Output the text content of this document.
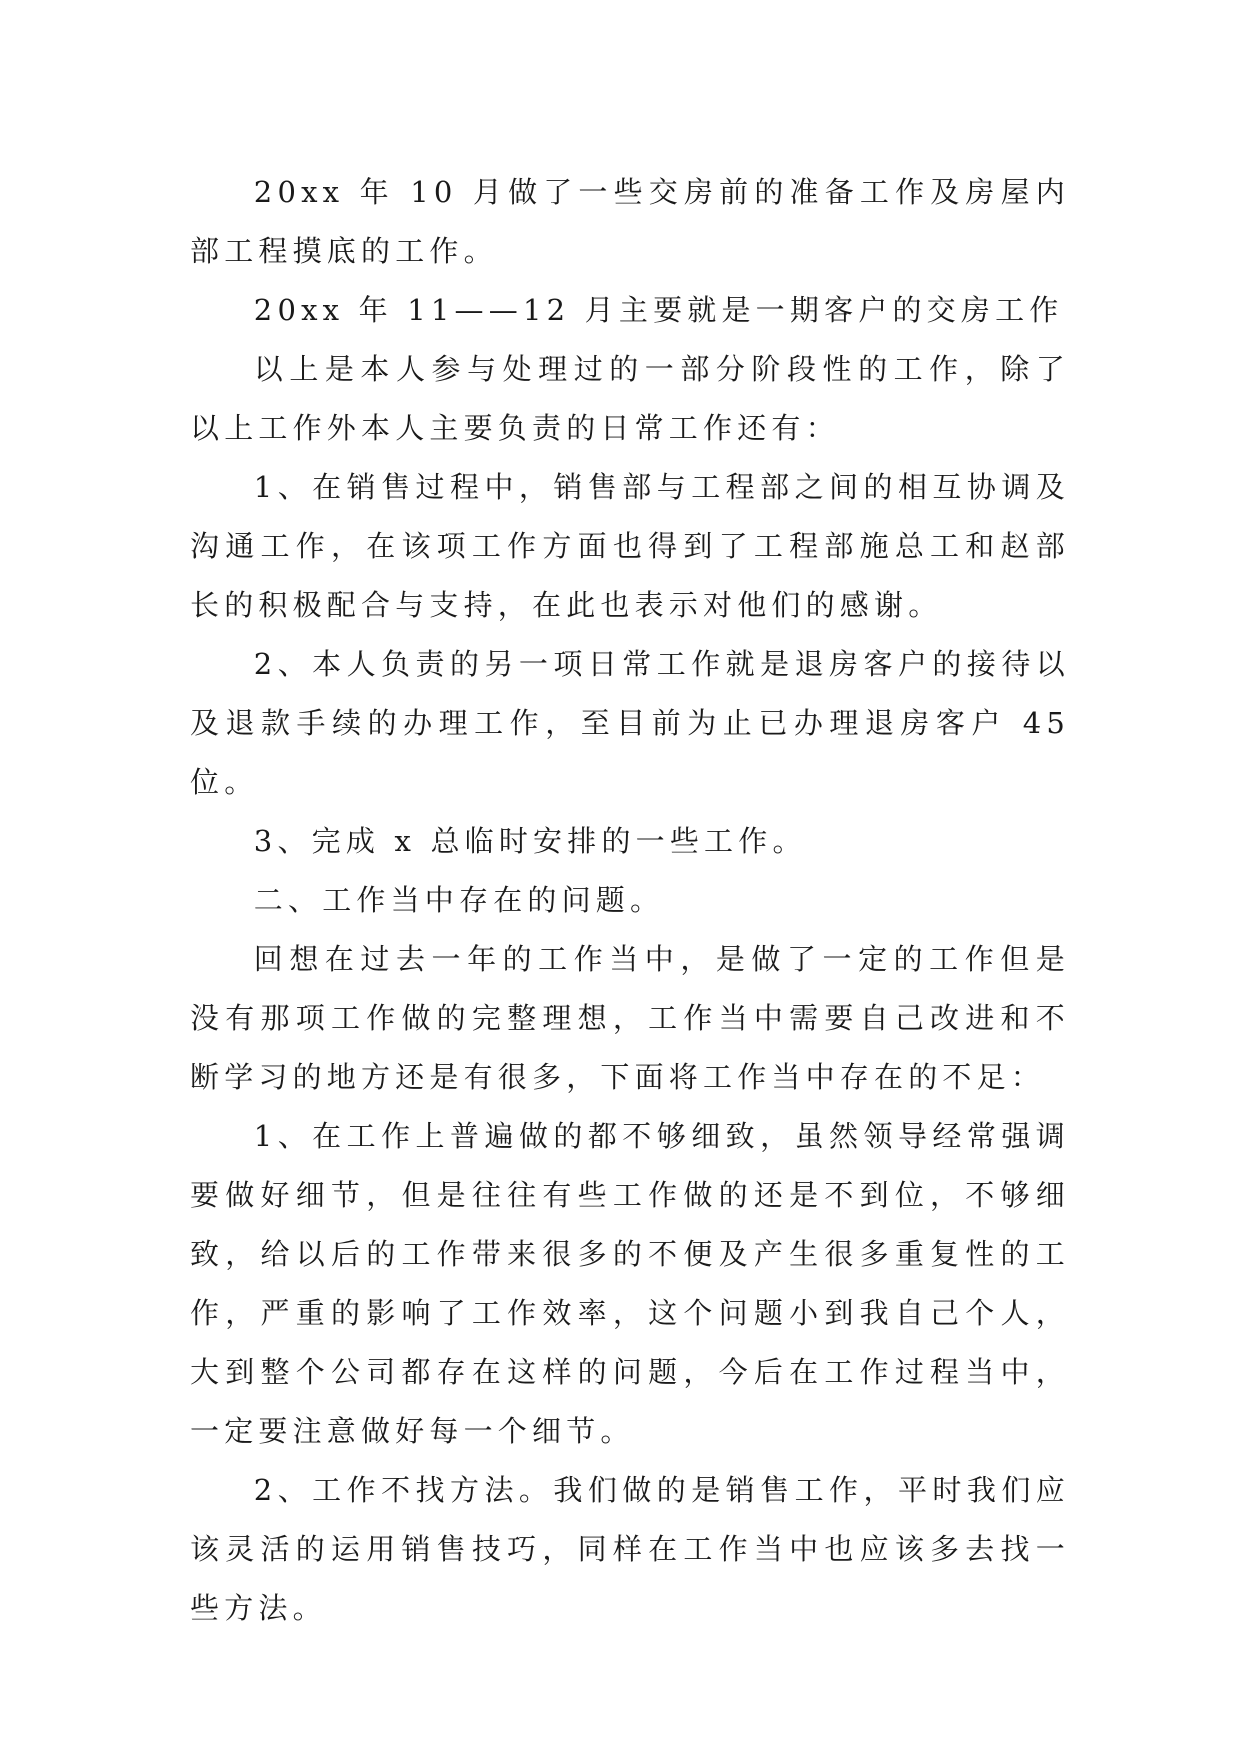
20xx 年 10 月做了一些交房前的准备工作及房屋内部工程摸底的工作。

20xx 年 11——12 月主要就是一期客户的交房工作

以上是本人参与处理过的一部分阶段性的工作，除了以上工作外本人主要负责的日常工作还有：

1、在销售过程中，销售部与工程部之间的相互协调及沟通工作，在该项工作方面也得到了工程部施总工和赵部长的积极配合与支持，在此也表示对他们的感谢。

2、本人负责的另一项日常工作就是退房客户的接待以及退款手续的办理工作，至目前为止已办理退房客户 45 位。

3、完成 x 总临时安排的一些工作。

二、工作当中存在的问题。

回想在过去一年的工作当中，是做了一定的工作但是没有那项工作做的完整理想，工作当中需要自己改进和不断学习的地方还是有很多，下面将工作当中存在的不足：

1、在工作上普遍做的都不够细致，虽然领导经常强调要做好细节，但是往往有些工作做的还是不到位，不够细致，给以后的工作带来很多的不便及产生很多重复性的工作，严重的影响了工作效率，这个问题小到我自己个人，大到整个公司都存在这样的问题，今后在工作过程当中，一定要注意做好每一个细节。

2、工作不找方法。我们做的是销售工作，平时我们应该灵活的运用销售技巧，同样在工作当中也应该多去找一些方法。
